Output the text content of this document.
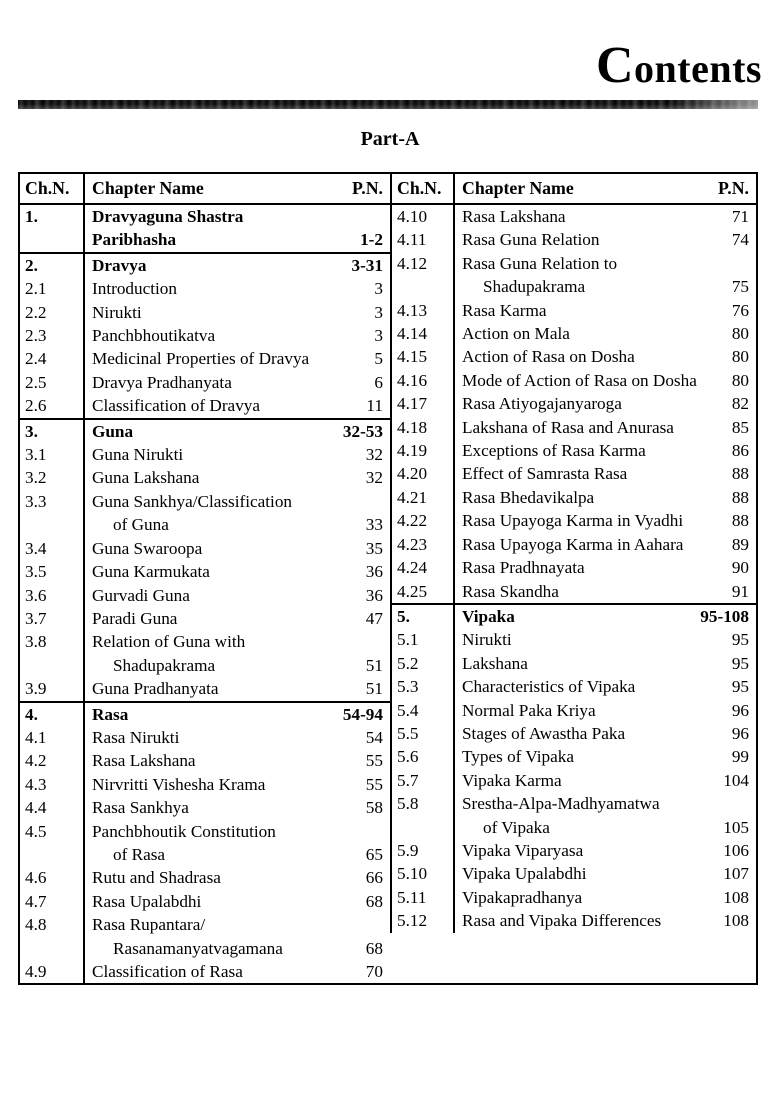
Contents
Part-A
Ch.N.	Chapter Name	P.N.
1.	Dravyaguna Shastra	
	Paribhasha	1-2
2.	Dravya	3-31
2.1	Introduction	3
2.2	Nirukti	3
2.3	Panchbhoutikatva	3
2.4	Medicinal Properties of Dravya	5
2.5	Dravya Pradhanyata	6
2.6	Classification of Dravya	11
3.	Guna	32-53
3.1	Guna Nirukti	32
3.2	Guna Lakshana	32
3.3	Guna Sankhya/Classification	
	of Guna	33
3.4	Guna Swaroopa	35
3.5	Guna Karmukata	36
3.6	Gurvadi Guna	36
3.7	Paradi Guna	47
3.8	Relation of Guna with	
	Shadupakrama	51
3.9	Guna Pradhanyata	51
4.	Rasa	54-94
4.1	Rasa Nirukti	54
4.2	Rasa Lakshana	55
4.3	Nirvritti Vishesha Krama	55
4.4	Rasa Sankhya	58
4.5	Panchbhoutik Constitution	
	of Rasa	65
4.6	Rutu and Shadrasa	66
4.7	Rasa Upalabdhi	68
4.8	Rasa Rupantara/	
	Rasanamanyatvagamana	68
4.9	Classification of Rasa	70
Ch.N.	Chapter Name	P.N.
4.10	Rasa Lakshana	71
4.11	Rasa Guna Relation	74
4.12	Rasa Guna Relation to	
	Shadupakrama	75
4.13	Rasa Karma	76
4.14	Action on Mala	80
4.15	Action of Rasa on Dosha	80
4.16	Mode of Action of Rasa on Dosha	80
4.17	Rasa Atiyogajanyaroga	82
4.18	Lakshana of Rasa and Anurasa	85
4.19	Exceptions of Rasa Karma	86
4.20	Effect of Samrasta Rasa	88
4.21	Rasa Bhedavikalpa	88
4.22	Rasa Upayoga Karma in Vyadhi	88
4.23	Rasa Upayoga Karma in Aahara	89
4.24	Rasa Pradhnayata	90
4.25	Rasa Skandha	91
5.	Vipaka	95-108
5.1	Nirukti	95
5.2	Lakshana	95
5.3	Characteristics of Vipaka	95
5.4	Normal Paka Kriya	96
5.5	Stages of Awastha Paka	96
5.6	Types of Vipaka	99
5.7	Vipaka Karma	104
5.8	Srestha-Alpa-Madhyamatwa	
	of Vipaka	105
5.9	Vipaka Viparyasa	106
5.10	Vipaka Upalabdhi	107
5.11	Vipakapradhanya	108
5.12	Rasa and Vipaka Differences	108
